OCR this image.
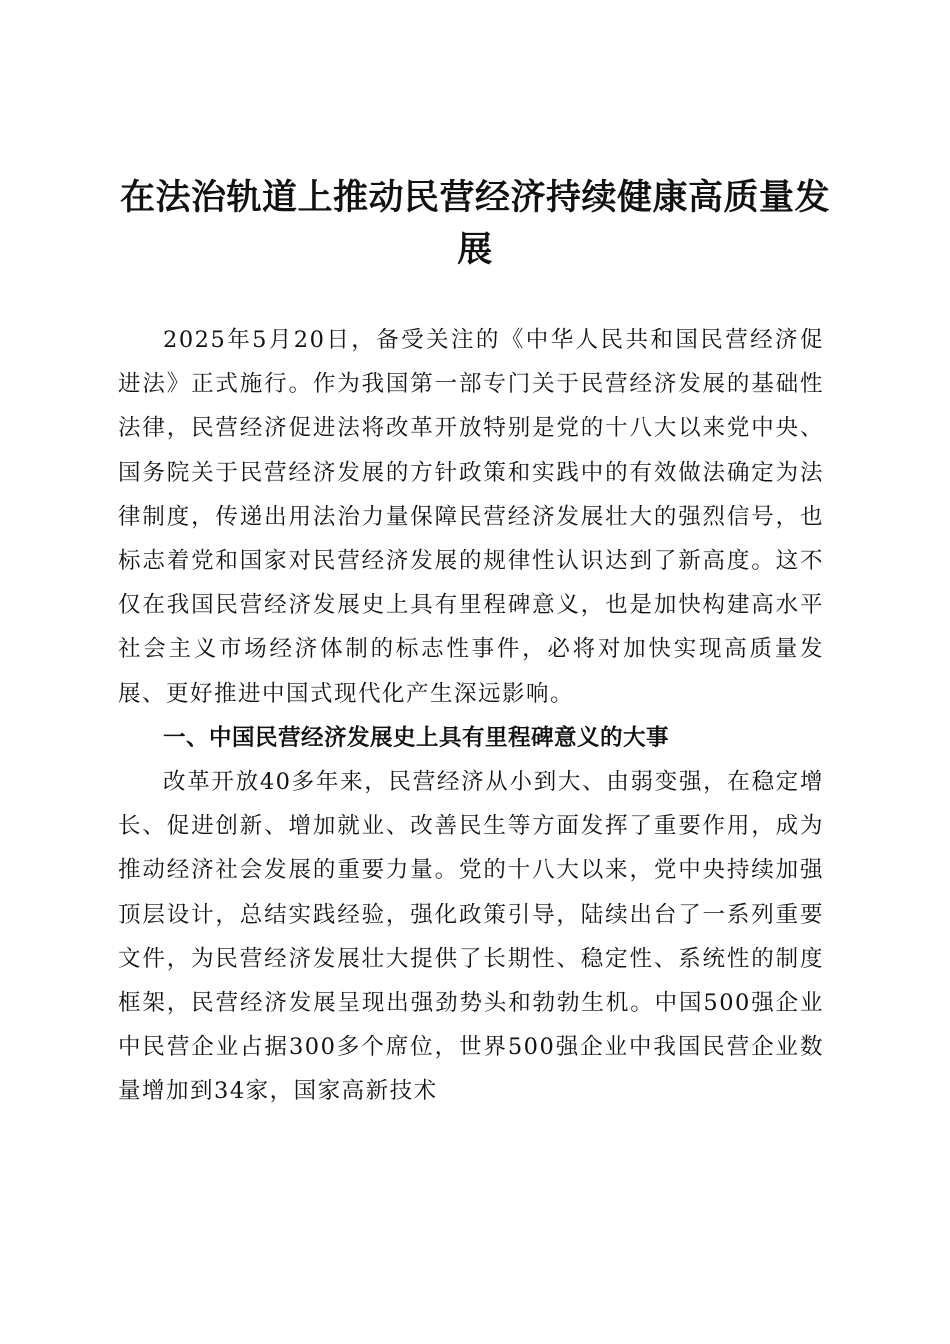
在法治轨道上推动民营经济持续健康高质量发展

2025年5月20日，备受关注的《中华人民共和国民营经济促进法》正式施行。作为我国第一部专门关于民营经济发展的基础性法律，民营经济促进法将改革开放特别是党的十八大以来党中央、国务院关于民营经济发展的方针政策和实践中的有效做法确定为法律制度，传递出用法治力量保障民营经济发展壮大的强烈信号，也标志着党和国家对民营经济发展的规律性认识达到了新高度。这不仅在我国民营经济发展史上具有里程碑意义，也是加快构建高水平社会主义市场经济体制的标志性事件，必将对加快实现高质量发展、更好推进中国式现代化产生深远影响。

一、中国民营经济发展史上具有里程碑意义的大事

改革开放40多年来，民营经济从小到大、由弱变强，在稳定增长、促进创新、增加就业、改善民生等方面发挥了重要作用，成为推动经济社会发展的重要力量。党的十八大以来，党中央持续加强顶层设计，总结实践经验，强化政策引导，陆续出台了一系列重要文件，为民营经济发展壮大提供了长期性、稳定性、系统性的制度框架，民营经济发展呈现出强劲势头和勃勃生机。中国500强企业中民营企业占据300多个席位，世界500强企业中我国民营企业数量增加到34家，国家高新技术
